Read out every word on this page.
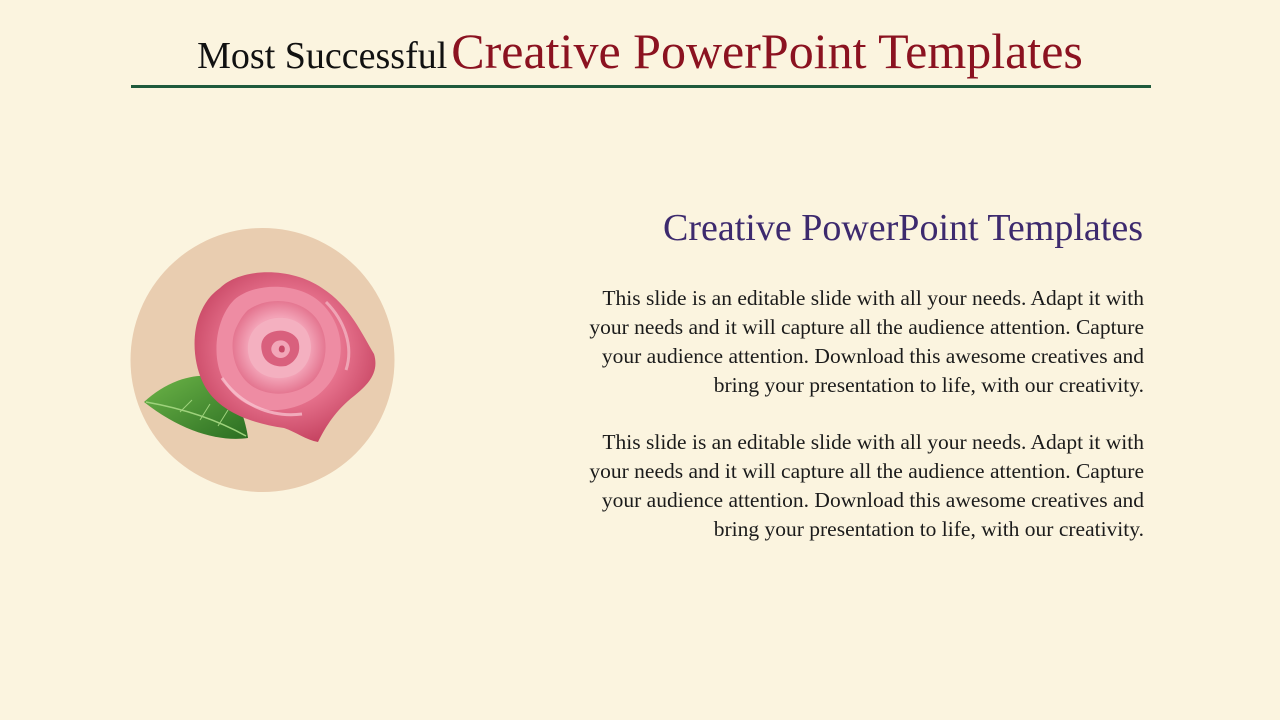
Most Successful Creative PowerPoint Templates
Creative PowerPoint Templates
This slide is an editable slide with all your needs. Adapt it with
your needs and it will capture all the audience attention. Capture
your audience attention. Download this awesome creatives and
bring your presentation to life, with our creativity.
This slide is an editable slide with all your needs. Adapt it with
your needs and it will capture all the audience attention. Capture
your audience attention. Download this awesome creatives and
bring your presentation to life, with our creativity.
